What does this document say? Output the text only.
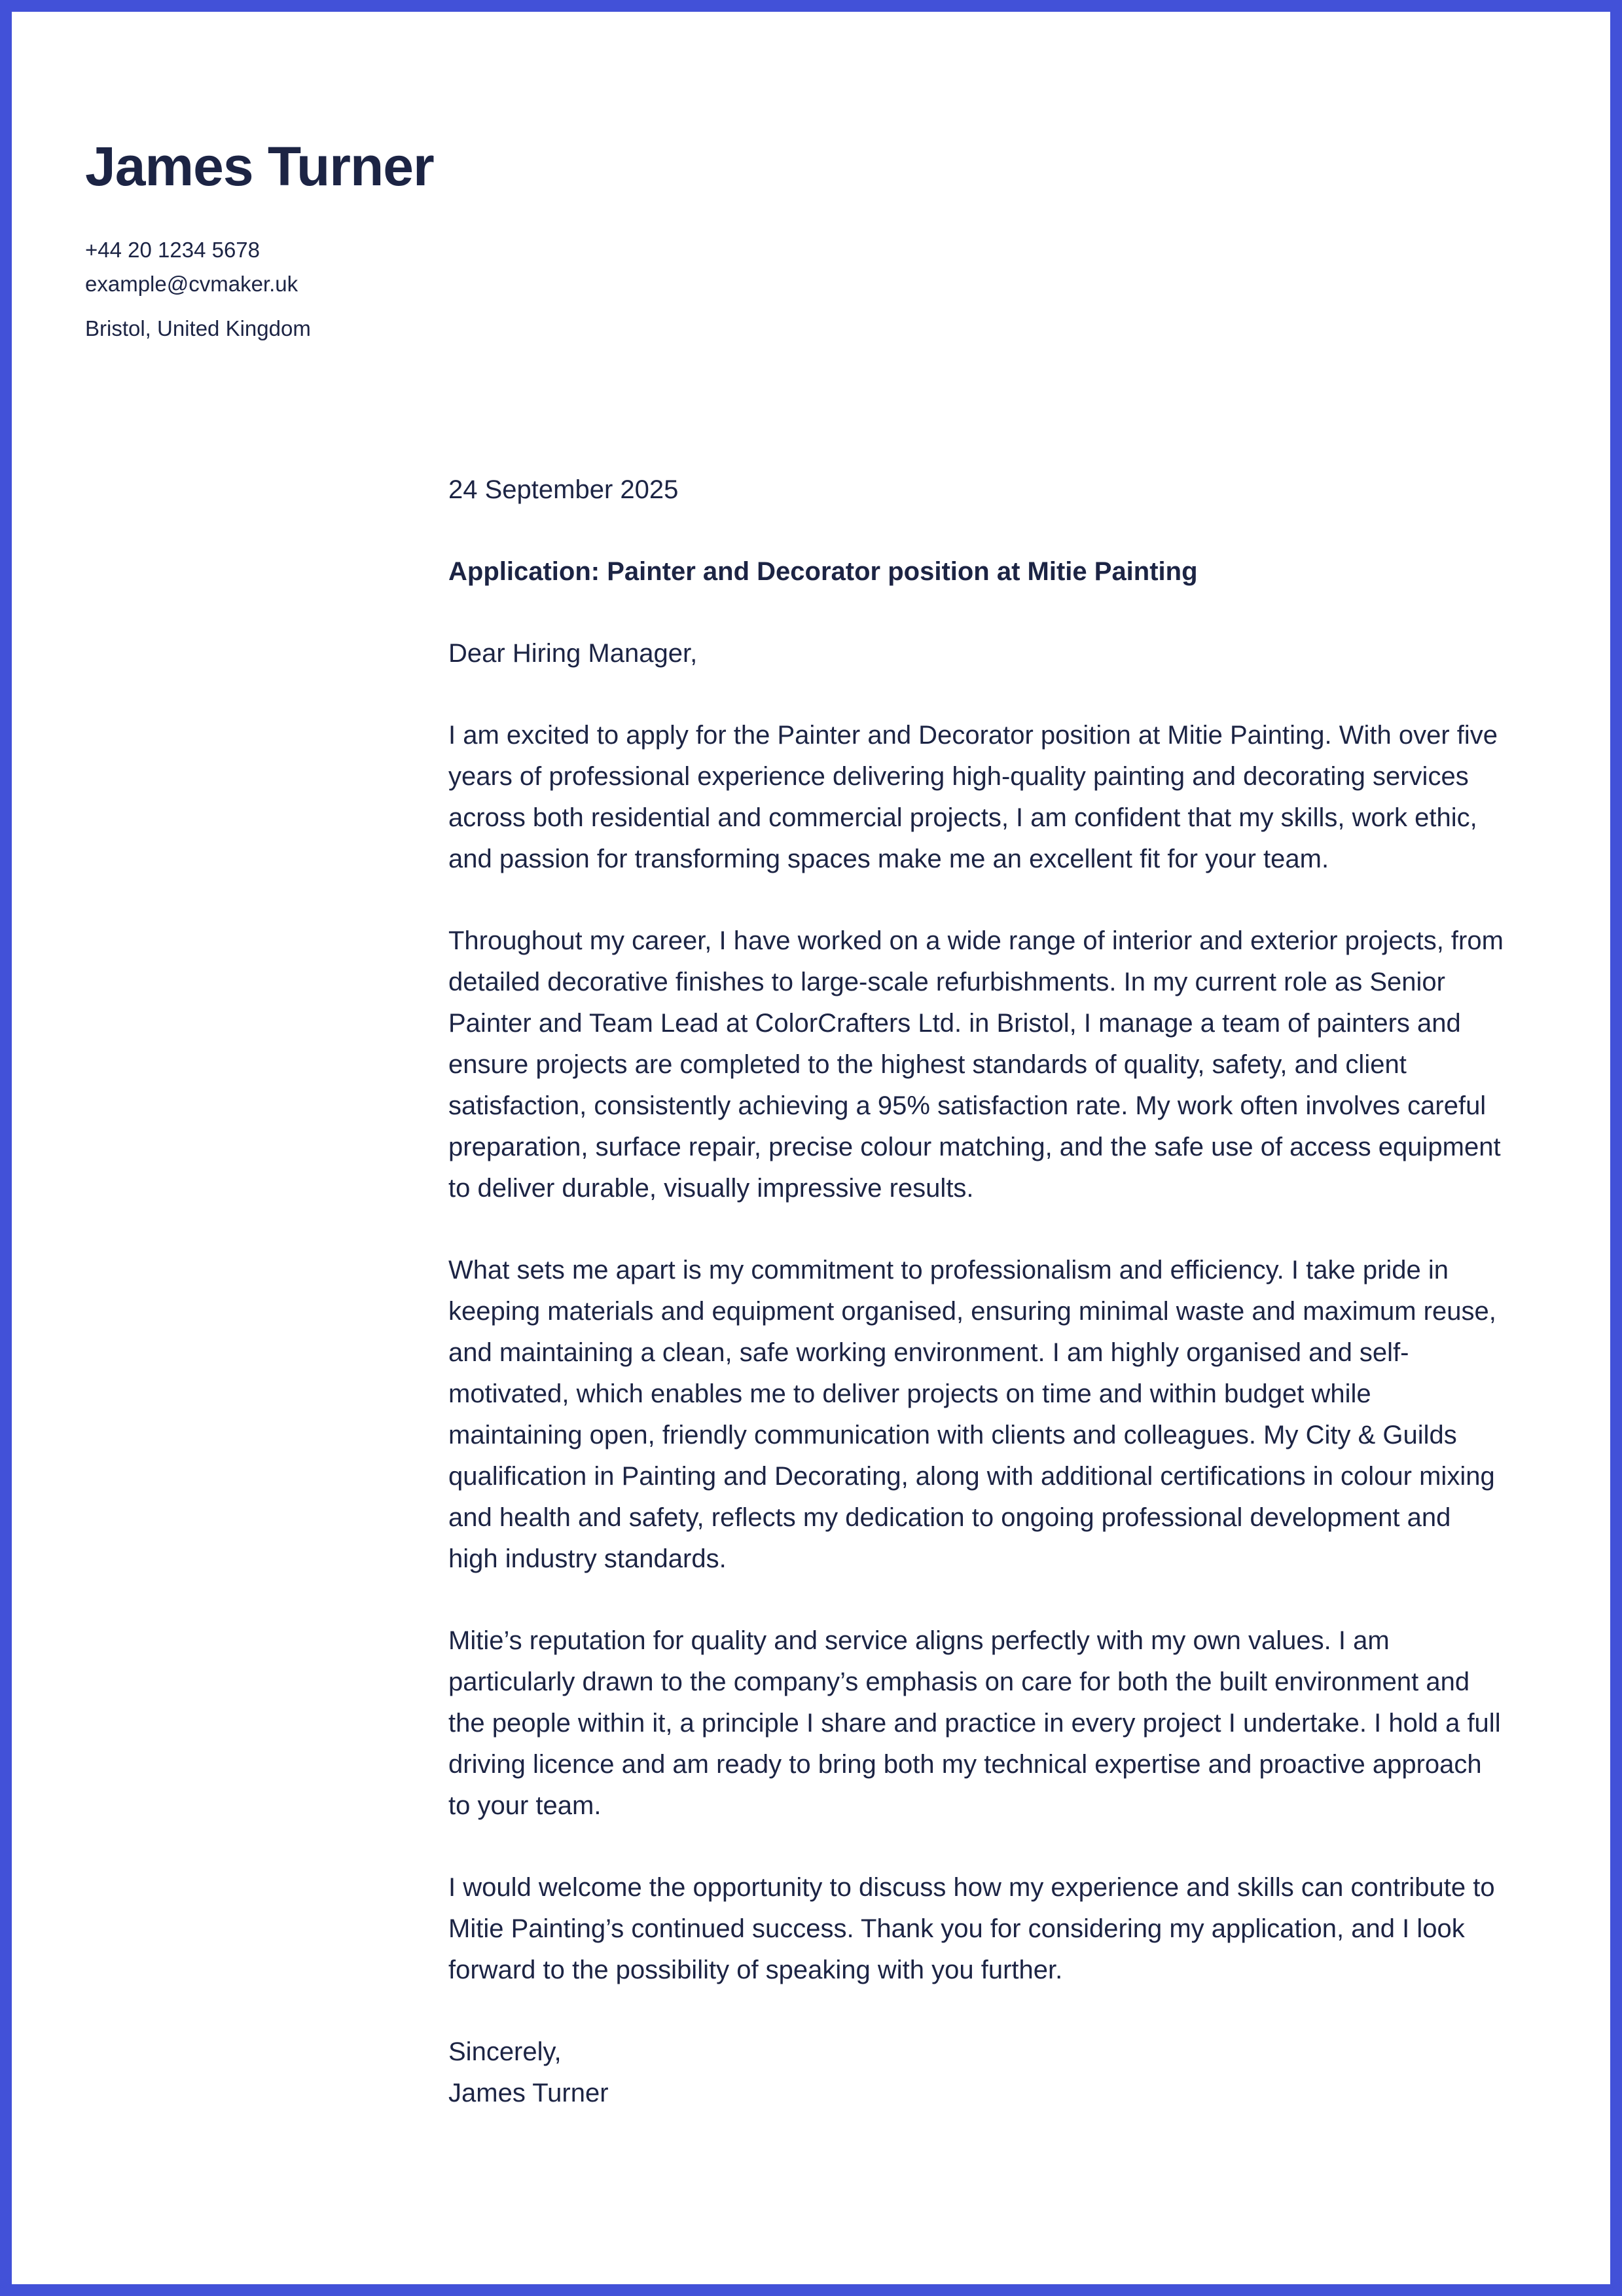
James Turner
+44 20 1234 5678
example@cvmaker.uk
Bristol, United Kingdom

24 September 2025

Application: Painter and Decorator position at Mitie Painting

Dear Hiring Manager,

I am excited to apply for the Painter and Decorator position at Mitie Painting. With over five years of professional experience delivering high-quality painting and decorating services across both residential and commercial projects, I am confident that my skills, work ethic, and passion for transforming spaces make me an excellent fit for your team.

Throughout my career, I have worked on a wide range of interior and exterior projects, from detailed decorative finishes to large-scale refurbishments. In my current role as Senior Painter and Team Lead at ColorCrafters Ltd. in Bristol, I manage a team of painters and ensure projects are completed to the highest standards of quality, safety, and client satisfaction, consistently achieving a 95% satisfaction rate. My work often involves careful preparation, surface repair, precise colour matching, and the safe use of access equipment to deliver durable, visually impressive results.

What sets me apart is my commitment to professionalism and efficiency. I take pride in keeping materials and equipment organised, ensuring minimal waste and maximum reuse, and maintaining a clean, safe working environment. I am highly organised and self-motivated, which enables me to deliver projects on time and within budget while maintaining open, friendly communication with clients and colleagues. My City & Guilds qualification in Painting and Decorating, along with additional certifications in colour mixing and health and safety, reflects my dedication to ongoing professional development and high industry standards.

Mitie’s reputation for quality and service aligns perfectly with my own values. I am particularly drawn to the company’s emphasis on care for both the built environment and the people within it, a principle I share and practice in every project I undertake. I hold a full driving licence and am ready to bring both my technical expertise and proactive approach to your team.

I would welcome the opportunity to discuss how my experience and skills can contribute to Mitie Painting’s continued success. Thank you for considering my application, and I look forward to the possibility of speaking with you further.

Sincerely,
James Turner
